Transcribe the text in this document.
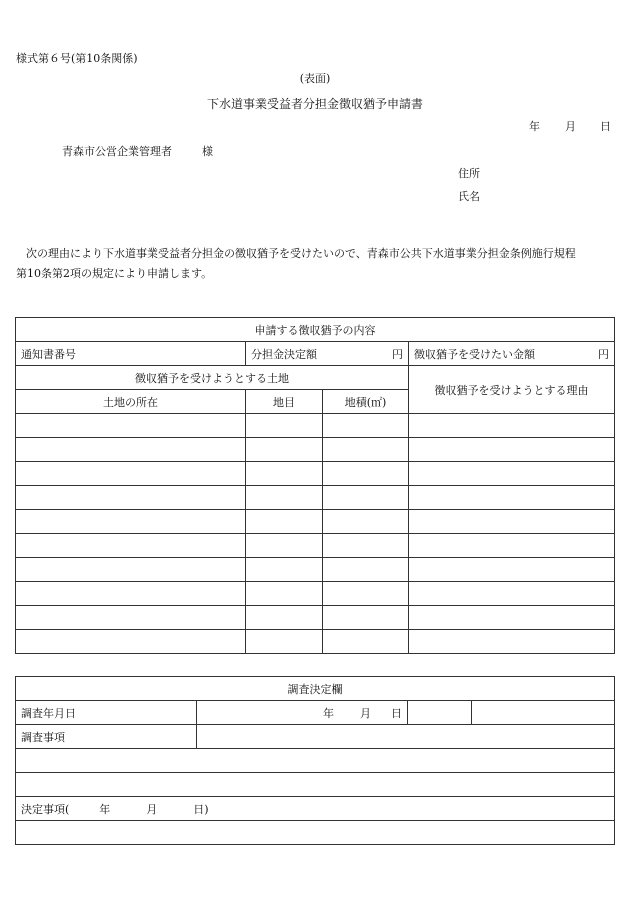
様式第６号(第10条関係)
(表面)
下水道事業受益者分担金徴収猶予申請書
年 月 日
青森市公営企業管理者	様
住所
氏名
次の理由により下水道事業受益者分担金の徴収猶予を受けたいので、青森市公共下水道事業分担金条例施行規程
第10条第2項の規定により申請します。
申請する徴収猶予の内容			
通知書番号	分担金決定額 円		徴収猶予を受けたい金額 円

徴収猶予を受けようとする土地			徴収猶予を受けようとする理由
土地の所在	地目	地積(㎡)	

調査決定欄			
調査年月日	年 月 日		
調査事項			

決定事項( 年 月 日)			
